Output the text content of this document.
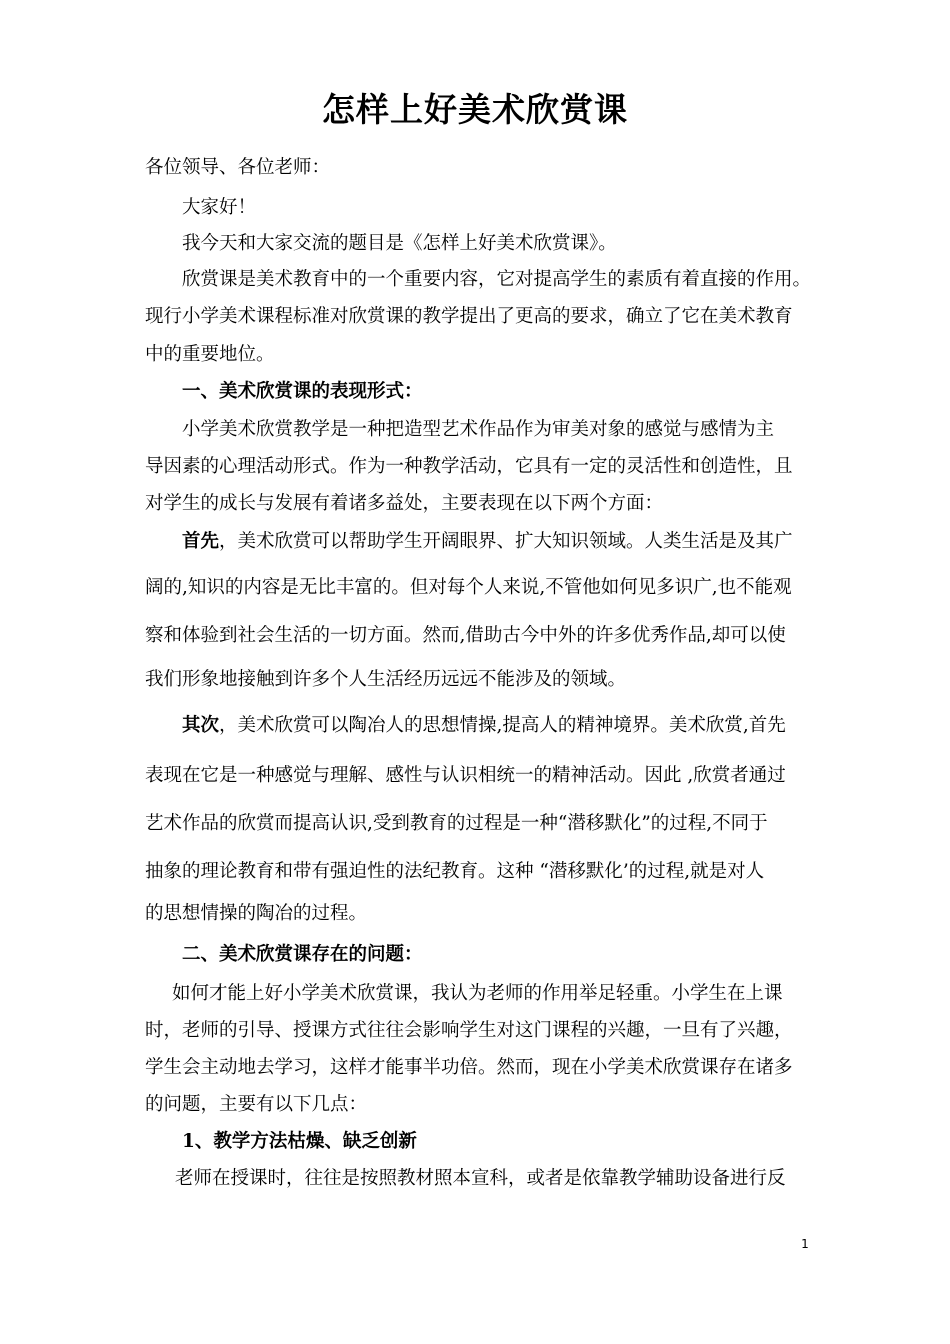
怎样上好美术欣赏课
各位领导、各位老师：
大家好！
我今天和大家交流的题目是《怎样上好美术欣赏课》。
欣赏课是美术教育中的一个重要内容，它对提高学生的素质有着直接的作用。
现行小学美术课程标准对欣赏课的教学提出了更高的要求，确立了它在美术教育
中的重要地位。
一、美术欣赏课的表现形式：
小学美术欣赏教学是一种把造型艺术作品作为审美对象的感觉与感情为主
导因素的心理活动形式。作为一种教学活动，它具有一定的灵活性和创造性，且
对学生的成长与发展有着诸多益处，主要表现在以下两个方面：
阔的,知识的内容是无比丰富的。但对每个人来说,不管他如何见多识广,也不能观
察和体验到社会生活的一切方面。然而,借助古今中外的许多优秀作品,却可以使
我们形象地接触到许多个人生活经历远远不能涉及的领域。
表现在它是一种感觉与理解、感性与认识相统一的精神活动。因此 ,欣赏者通过
艺术作品的欣赏而提高认识,受到教育的过程是一种“潜移默化”的过程,不同于
抽象的理论教育和带有强迫性的法纪教育。这种 “潜移默化’的过程,就是对人
的思想情操的陶冶的过程。
二、美术欣赏课存在的问题：
如何才能上好小学美术欣赏课，我认为老师的作用举足轻重。小学生在上课
时，老师的引导、授课方式往往会影响学生对这门课程的兴趣，一旦有了兴趣，
学生会主动地去学习，这样才能事半功倍。然而，现在小学美术欣赏课存在诸多
的问题，主要有以下几点：
1、教学方法枯燥、缺乏创新
老师在授课时，往往是按照教材照本宣科，或者是依靠教学辅助设备进行反
首先，美术欣赏可以帮助学生开阔眼界、扩大知识领域。人类生活是及其广
其次，美术欣赏可以陶冶人的思想情操,提高人的精神境界。美术欣赏,首先
1
